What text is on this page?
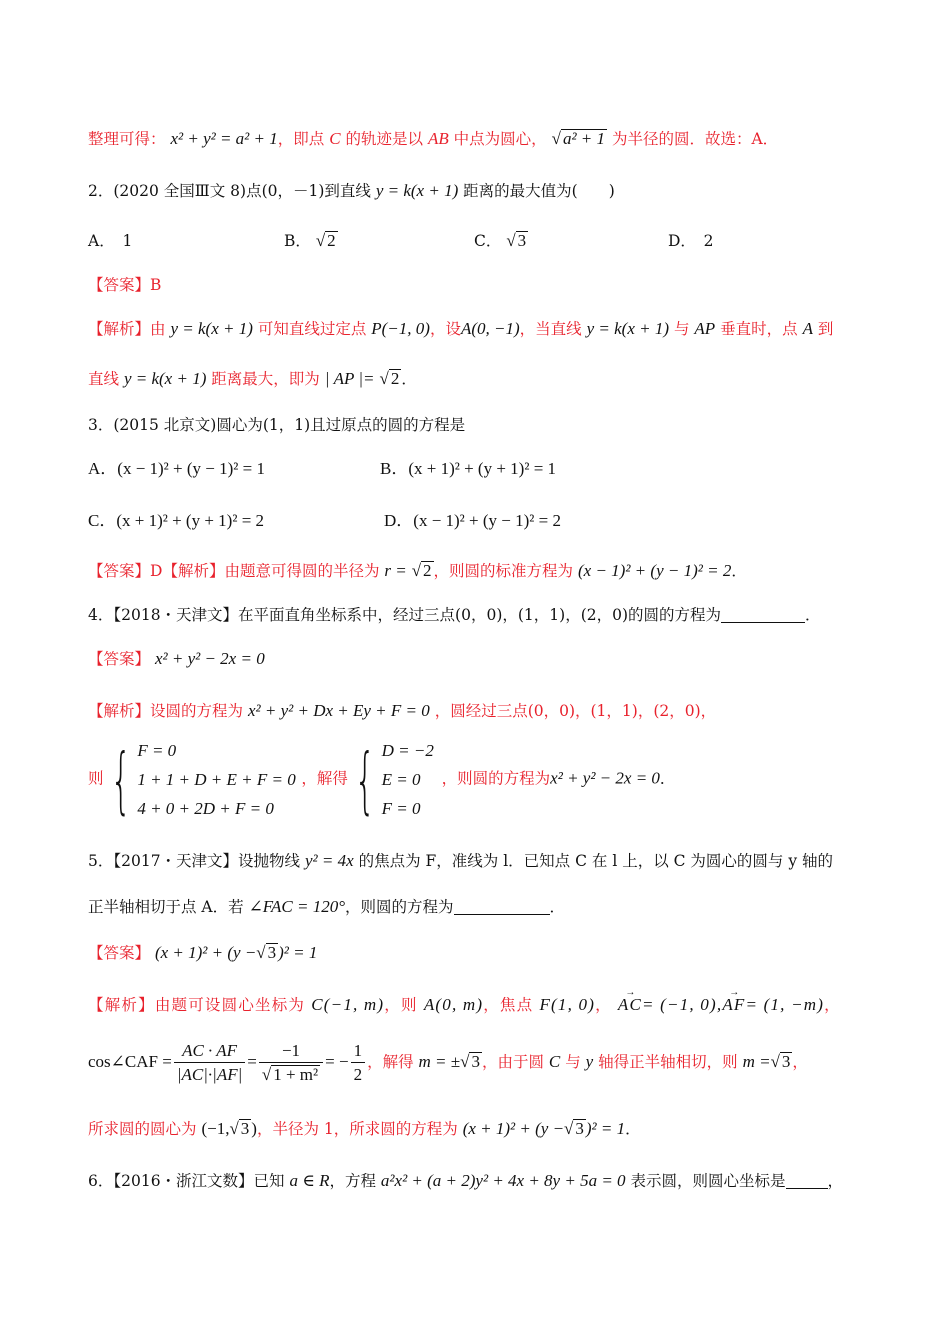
整理可得： x² + y² = a² + 1，即点 C 的轨迹是以 AB 中点为圆心， √ a² + 1 为半径的圆．故选：A．
2．(2020 全国Ⅲ文 8)点(0，－1)到直线 y = k(x + 1) 距离的最大值为(　　)
A．　1	B． √ 2	C． √ 3	D．　2
【答案】B
【解析】由 y = k(x + 1) 可知直线过定点 P(−1, 0)，设A(0, −1)，当直线 y = k(x + 1) 与 AP 垂直时，点 A 到
直线 y = k(x + 1) 距离最大，即为 | AP |= √ 2 ．
3．(2015 北京文)圆心为(1，1)且过原点的圆的方程是
A．(x − 1)² + (y − 1)² = 1	B．(x + 1)² + (y + 1)² = 1
C．(x + 1)² + (y + 1)² = 2	D．(x − 1)² + (y − 1)² = 2
【答案】D【解析】由题意可得圆的半径为 r = √ 2 ，则圆的标准方程为 (x − 1)² + (y − 1)² = 2．
4．【2018・天津文】在平面直角坐标系中，经过三点(0，0)，(1，1)，(2，0)的圆的方程为	．
【答案】 x² + y² − 2x = 0
【解析】设圆的方程为 x² + y² + Dx + Ey + F = 0 ，圆经过三点(0，0)，(1，1)，(2，0)，
则{ F = 0
1 + 1 + D + E + F = 0
4 + 0 + 2D + F = 0
，解得{ D = −2
E = 0
F = 0
，则圆的方程为x² + y² − 2x = 0．
5．【2017・天津文】设抛物线 y² = 4x 的焦点为 F，准线为 l．已知点 C 在 l 上，以 C 为圆心的圆与 y 轴的
正半轴相切于点 A．若 ∠FAC = 120°，则圆的方程为	．
【答案】 (x + 1)² + (y −√ 3 )² = 1
【解析】由题可设圆心坐标为 C(−1, m)，则 A(0, m)，焦点 F(1, 0)， → AC= (−1, 0),→ AF= (1, −m)，
cos∠CAF = $\frac{AC \cdot AF}{|AC|\cdot|AF|} = \frac{-1}{\text{√ 1 + m²}}$ = − $\frac{1}{2}$ ，解得 m = ±√ 3 ，由于圆 C 与 y 轴得正半轴相切，则 m =√ 3 ，
所求圆的圆心为 (−1,√ 3 )，半径为 1，所求圆的方程为 (x + 1)² + (y −√ 3 )² = 1．
6．【2016・浙江文数】已知 a ∈ R，方程 a²x² + (a + 2)y² + 4x + 8y + 5a = 0 表示圆，则圆心坐标是	，
